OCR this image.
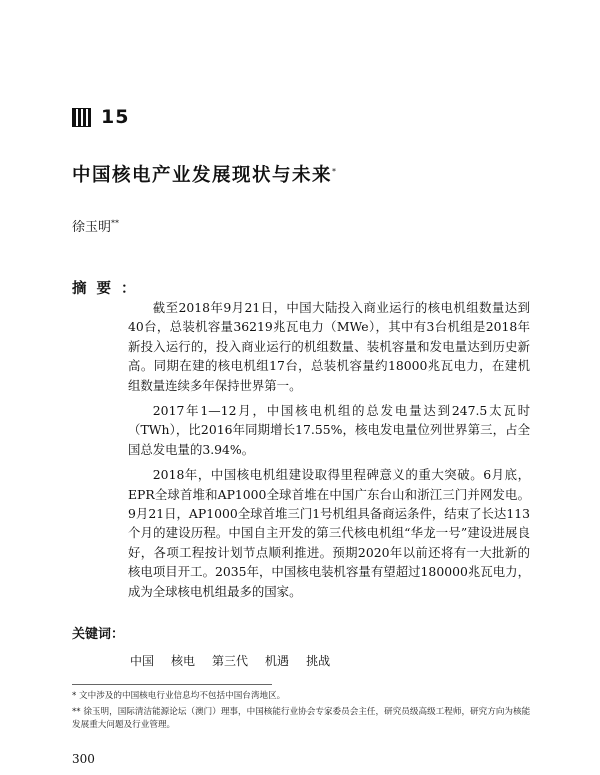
15
中国核电产业发展现状与未来*
徐玉明**
摘要：

截至2018年9月21日，中国大陆投入商业运行的核电机组数量达到40台，总装机容量36219兆瓦电力（MWe），其中有3台机组是2018年新投入运行的，投入商业运行的机组数量、装机容量和发电量达到历史新高。同期在建的核电机组17台，总装机容量约18000兆瓦电力，在建机组数量连续多年保持世界第一。

2017年1—12月，中国核电机组的总发电量达到247.5太瓦时（TWh），比2016年同期增长17.55%，核电发电量位列世界第三，占全国总发电量的3.94%。

2018年，中国核电机组建设取得里程碑意义的重大突破。6月底，EPR全球首堆和AP1000全球首堆在中国广东台山和浙江三门并网发电。9月21日，AP1000全球首堆三门1号机组具备商运条件，结束了长达113个月的建设历程。中国自主开发的第三代核电机组“华龙一号”建设进展良好，各项工程按计划节点顺利推进。预期2020年以前还将有一大批新的核电项目开工。2035年，中国核电装机容量有望超过180000兆瓦电力，成为全球核电机组最多的国家。

关键词：
中国 核电 第三代 机遇 挑战
* 文中涉及的中国核电行业信息均不包括中国台湾地区。
** 徐玉明，国际清洁能源论坛（澳门）理事，中国核能行业协会专家委员会主任，研究员级高级工程师，研究方向为核能发展重大问题及行业管理。
300
